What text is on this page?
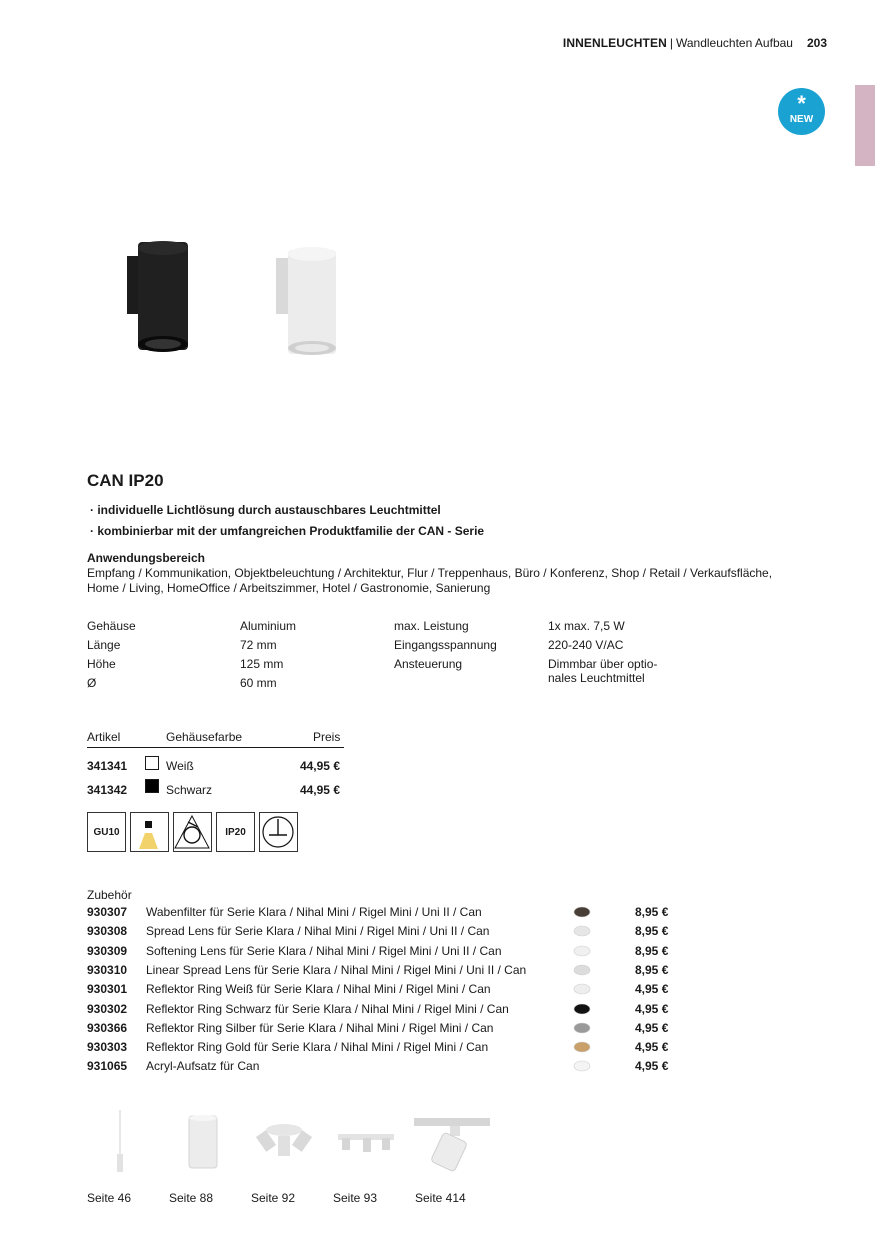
INNENLEUCHTEN | Wandleuchten Aufbau 203
*
NEW
CAN IP20
· individuelle Lichtlösung durch austauschbares Leuchtmittel
· kombinierbar mit der umfangreichen Produktfamilie der CAN - Serie
Anwendungsbereich
Empfang / Kommunikation, Objektbeleuchtung / Architektur, Flur / Treppenhaus, Büro / Konferenz, Shop / Retail / Verkaufsfläche, Home / Living, HomeOffice / Arbeitszimmer, Hotel / Gastronomie, Sanierung
Gehäuse	Aluminium
Länge	72 mm
Höhe	125 mm
Ø	60 mm
max. Leistung	1x max. 7,5 W
Eingangsspannung	220-240 V/AC
Ansteuerung	Dimmbar über optio-
nales Leuchtmittel
Artikel	Gehäusefarbe	Preis
341341	Weiß	44,95 €
341342	Schwarz	44,95 €
GU10	IP20
Zubehör
930307 Wabenfilter für Serie Klara / Nihal Mini / Rigel Mini / Uni II / Can	8,95 €
930308 Spread Lens für Serie Klara / Nihal Mini / Rigel Mini / Uni II / Can	8,95 €
930309 Softening Lens für Serie Klara / Nihal Mini / Rigel Mini / Uni II / Can	8,95 €
930310 Linear Spread Lens für Serie Klara / Nihal Mini / Rigel Mini / Uni II / Can	8,95 €
930301 Reflektor Ring Weiß für Serie Klara / Nihal Mini / Rigel Mini / Can	4,95 €
930302 Reflektor Ring Schwarz für Serie Klara / Nihal Mini / Rigel Mini / Can	4,95 €
930366 Reflektor Ring Silber für Serie Klara / Nihal Mini / Rigel Mini / Can	4,95 €
930303 Reflektor Ring Gold für Serie Klara / Nihal Mini / Rigel Mini / Can	4,95 €
931065 Acryl-Aufsatz für Can	4,95 €
Seite 46	Seite 88	Seite 92	Seite 93	Seite 414
